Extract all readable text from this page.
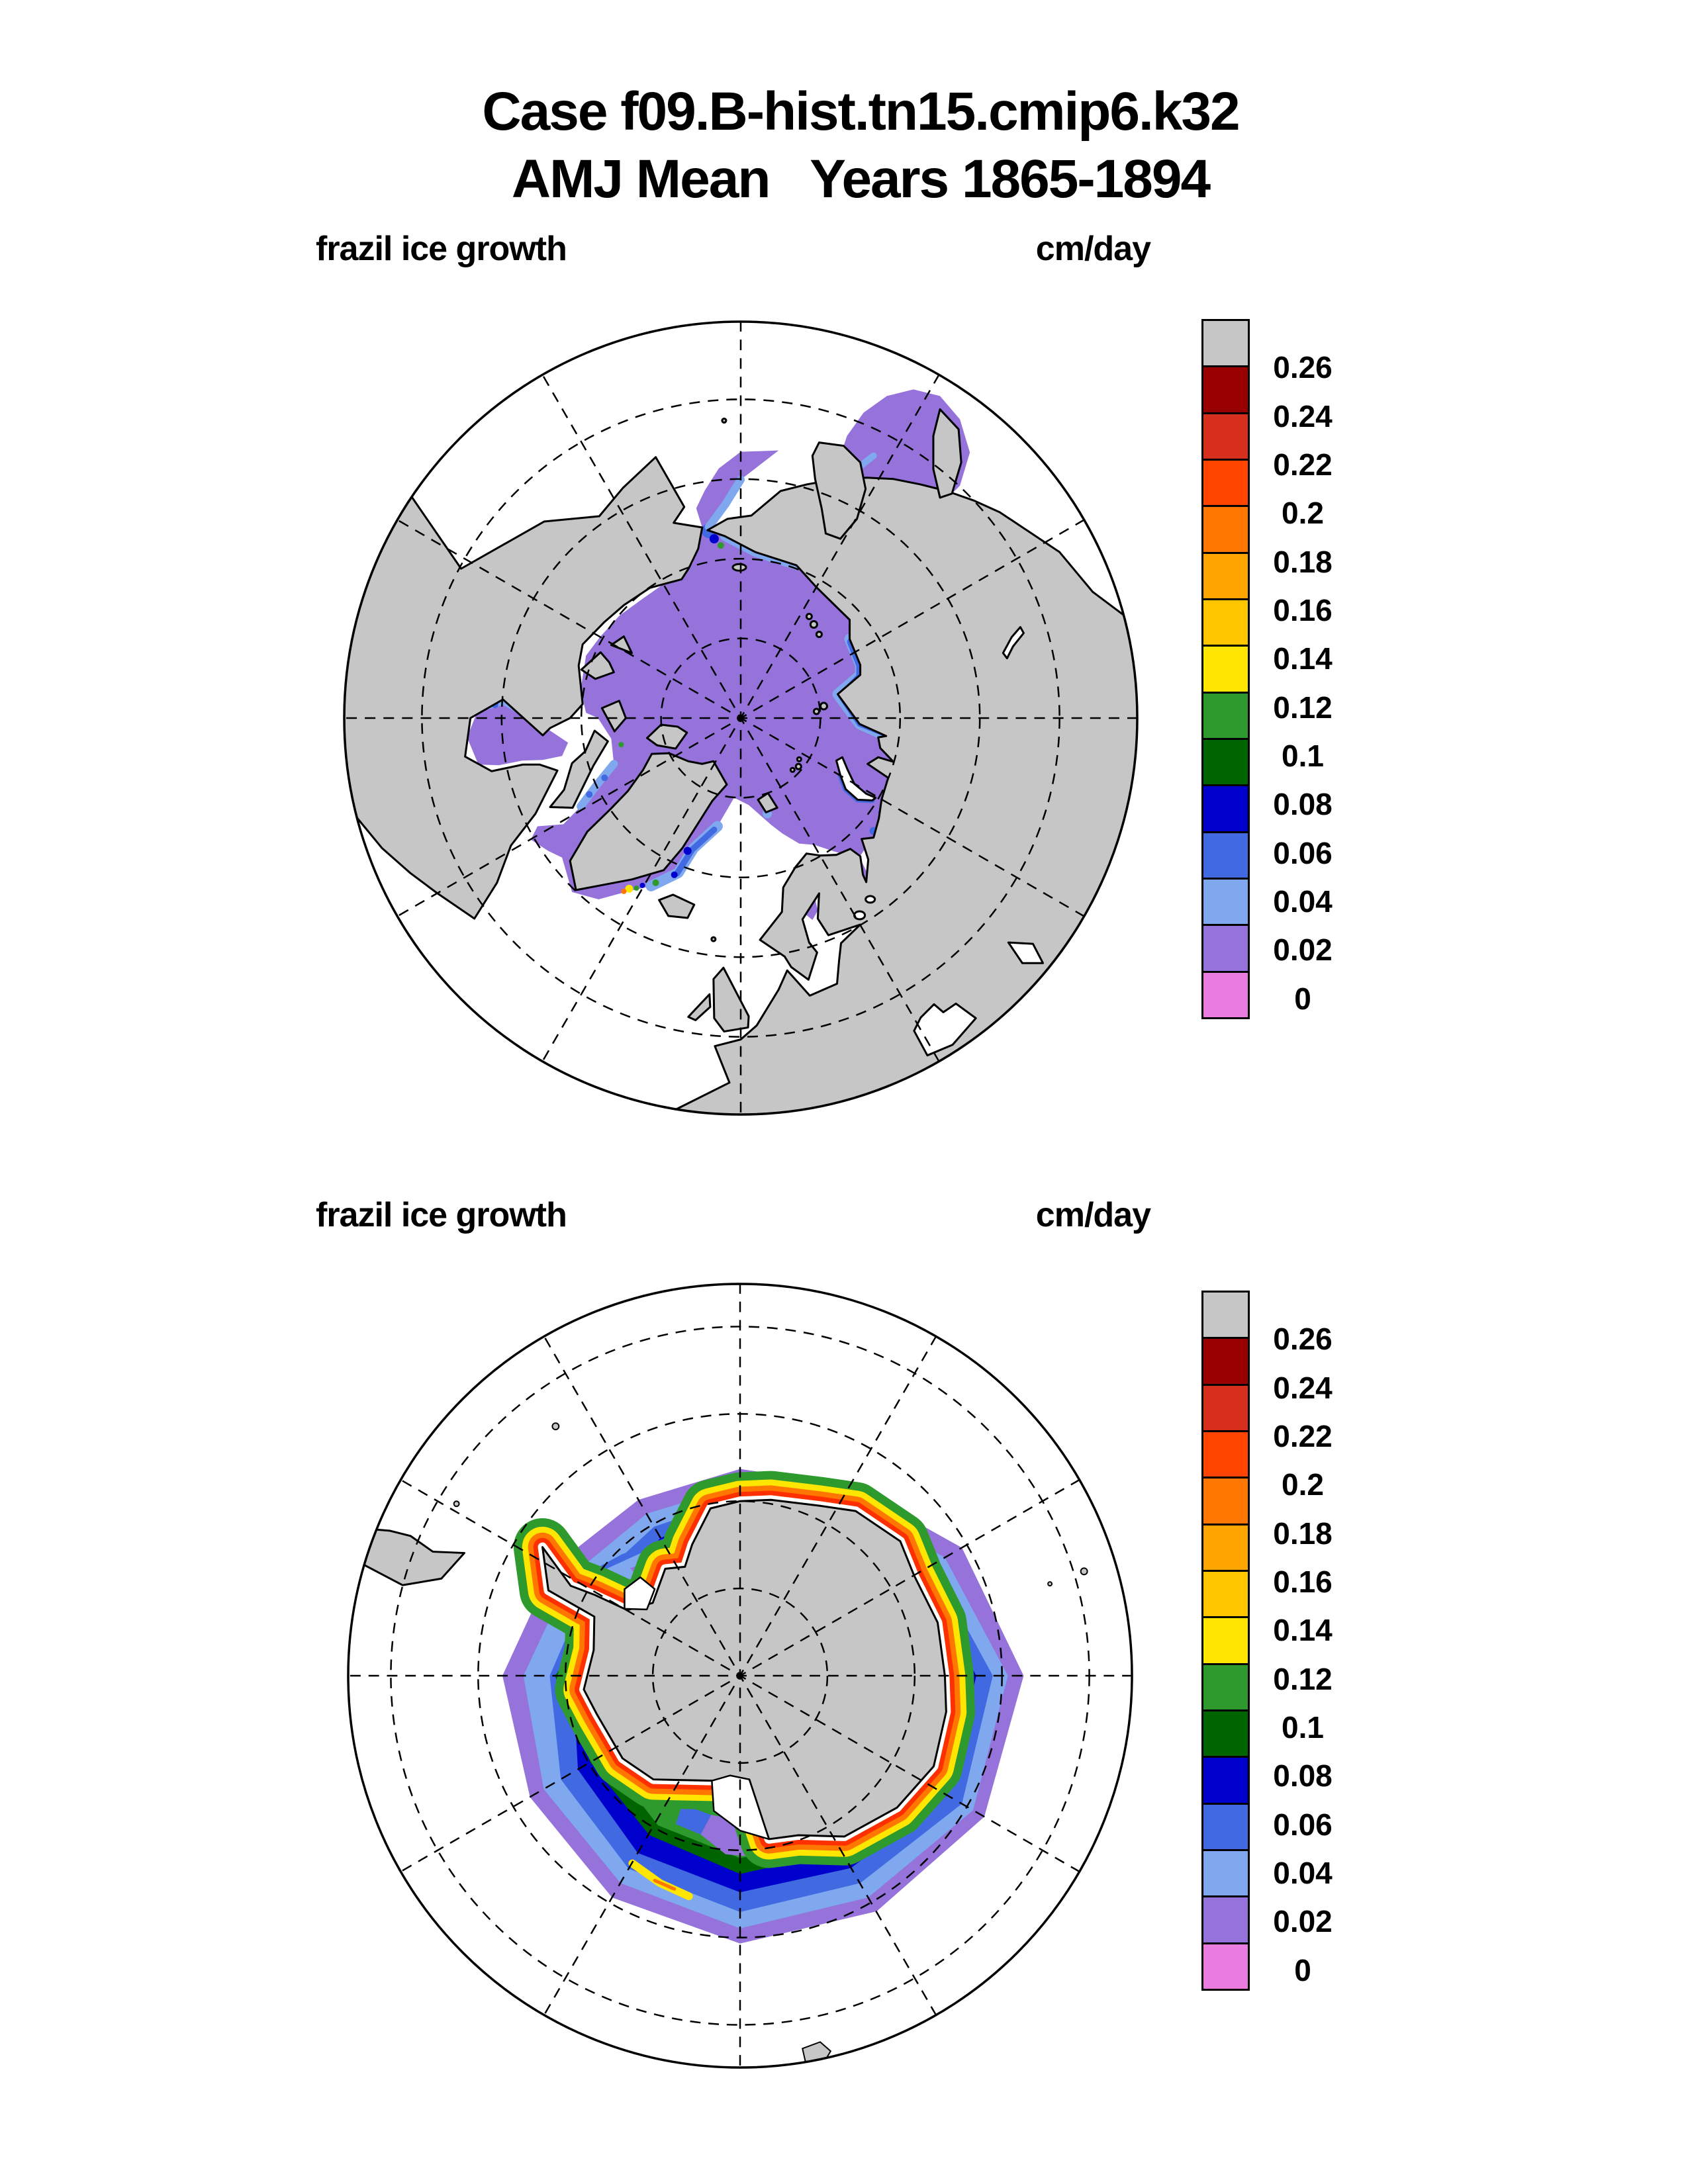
Case f09.B-hist.tn15.cmip6.k32
AMJ Mean   Years 1865-1894
frazil ice growth	cm/day
0.26
0.24
0.22
0.2
0.18
0.16
0.14
0.12
0.1
0.08
0.06
0.04
0.02
0
frazil ice growth	cm/day
0.26
0.24
0.22
0.2
0.18
0.16
0.14
0.12
0.1
0.08
0.06
0.04
0.02
0
